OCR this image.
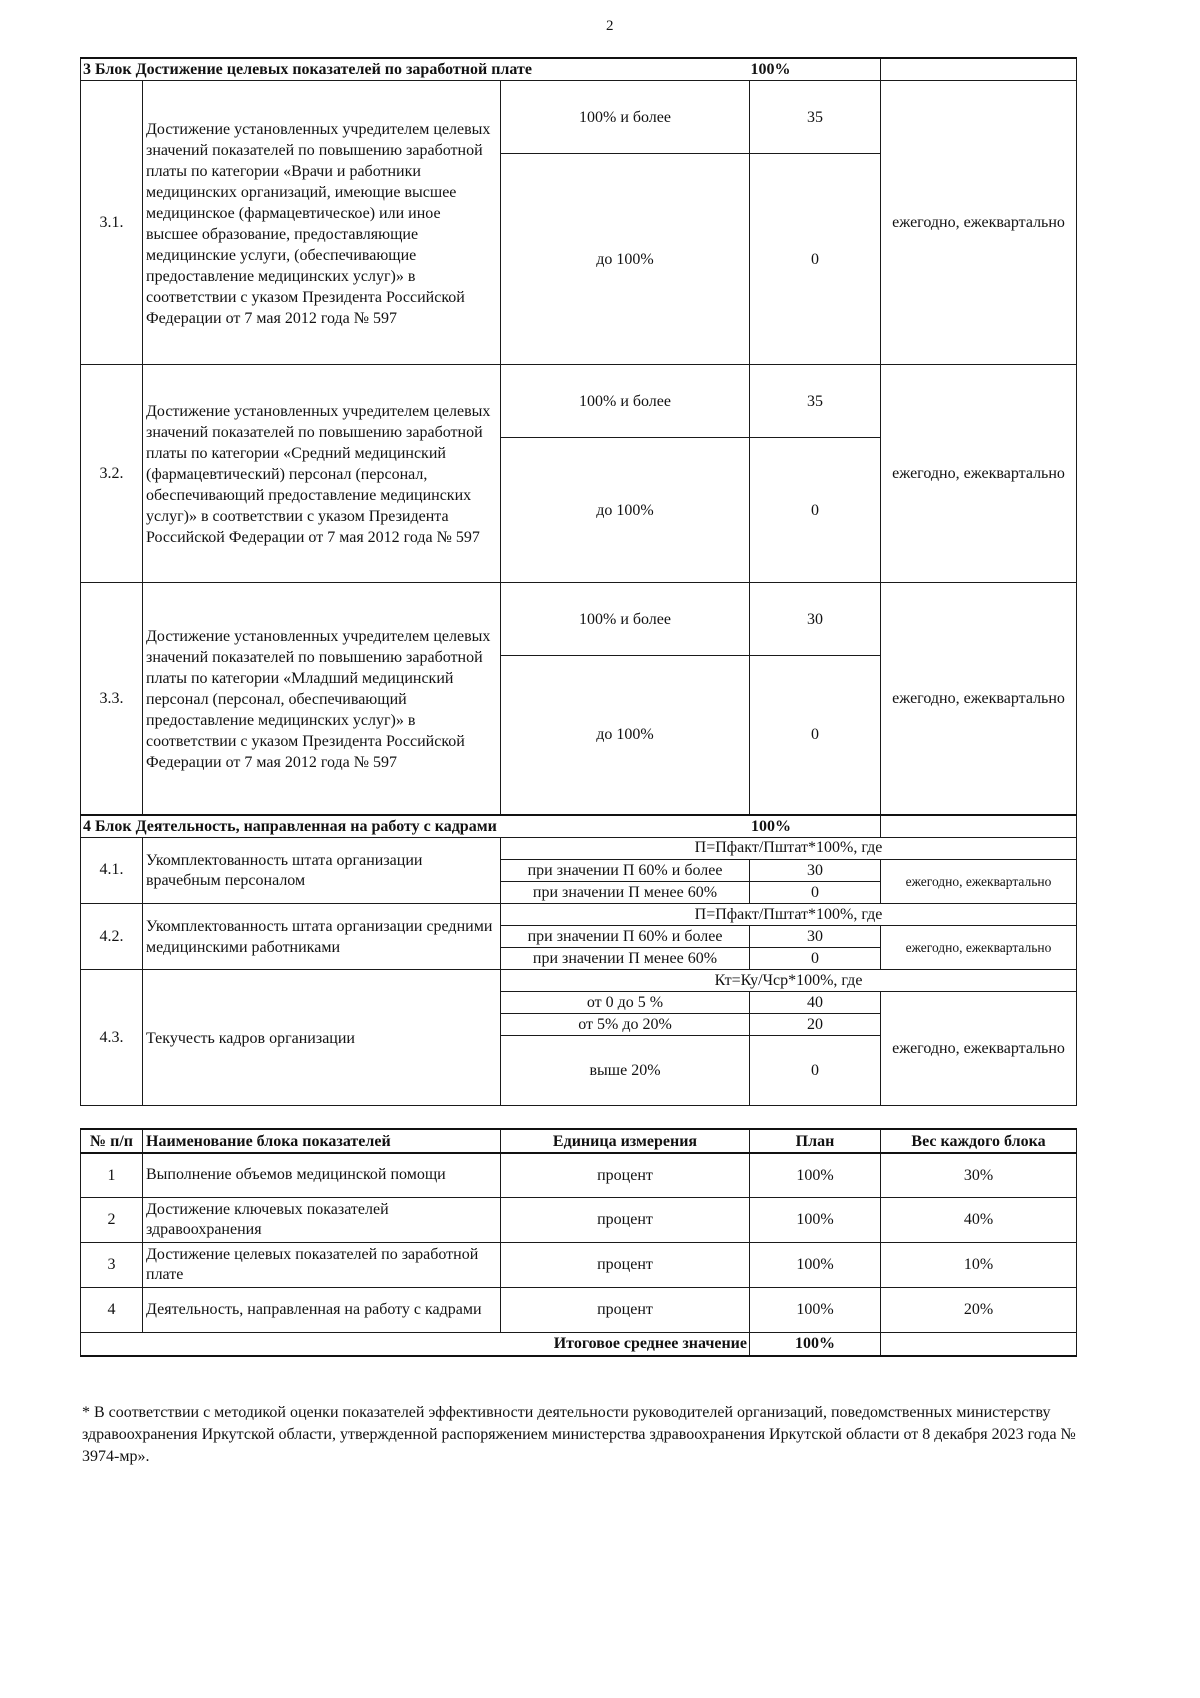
2
3 Блок Достижение целевых показателей по заработной плате 100%				

3.1.	Достижение установленных учредителем целевых значений показателей по повышению заработной платы по категории «Врачи и работники медицинских организаций, имеющие высшее медицинское (фармацевтическое) или иное высшее образование, предоставляющие медицинские услуги, (обеспечивающие предоставление медицинских услуг)» в соответствии с указом Президента Российской Федерации от 7 мая 2012 года № 597	100% и более	35	ежегодно, ежеквартально
		до 100%	0	
3.2.	Достижение установленных учредителем целевых значений показателей по повышению заработной платы по категории «Средний медицинский (фармацевтический) персонал (персонал, обеспечивающий предоставление медицинских услуг)» в соответствии с указом Президента Российской Федерации от 7 мая 2012 года № 597	100% и более	35	ежегодно, ежеквартально
		до 100%	0	
3.3.	Достижение установленных учредителем целевых значений показателей по повышению заработной платы по категории «Младший медицинский персонал (персонал, обеспечивающий предоставление медицинских услуг)» в соответствии с указом Президента Российской Федерации от 7 мая 2012 года № 597	100% и более	30	ежегодно, ежеквартально
		до 100%	0	
4 Блок Деятельность, направленная на работу с кадрами 100%				

4.1.	Укомплектованность штата организации врачебным персоналом	П=Пфакт/Пштат*100%, где		
		при значении П 60% и более	30	ежегодно, ежеквартально
		при значении П менее 60%	0	
4.2.	Укомплектованность штата организации средними медицинскими работниками	П=Пфакт/Пштат*100%, где		
		при значении П 60% и более	30	ежегодно, ежеквартально
		при значении П менее 60%	0	
4.3.	Текучесть кадров организации	Кт=Ку/Чср*100%, где		
		от 0 до 5 %	40	ежегодно, ежеквартально
		от 5% до 20%	20	
		выше 20%	0	
№ п/п	Наименование блока показателей	Единица измерения	План	Вес каждого блока
1	Выполнение объемов медицинской помощи	процент	100%	30%
2	Достижение ключевых показателей здравоохранения	процент	100%	40%
3	Достижение целевых показателей по заработной плате	процент	100%	10%
4	Деятельность, направленная на работу с кадрами	процент	100%	20%
Итоговое среднее значение			100%	
* В соответствии с методикой оценки показателей эффективности деятельности руководителей организаций, поведомственных министерству здравоохранения Иркутской области, утвержденной распоряжением министерства здравоохранения Иркутской области от 8 декабря 2023 года № 3974-мр».
